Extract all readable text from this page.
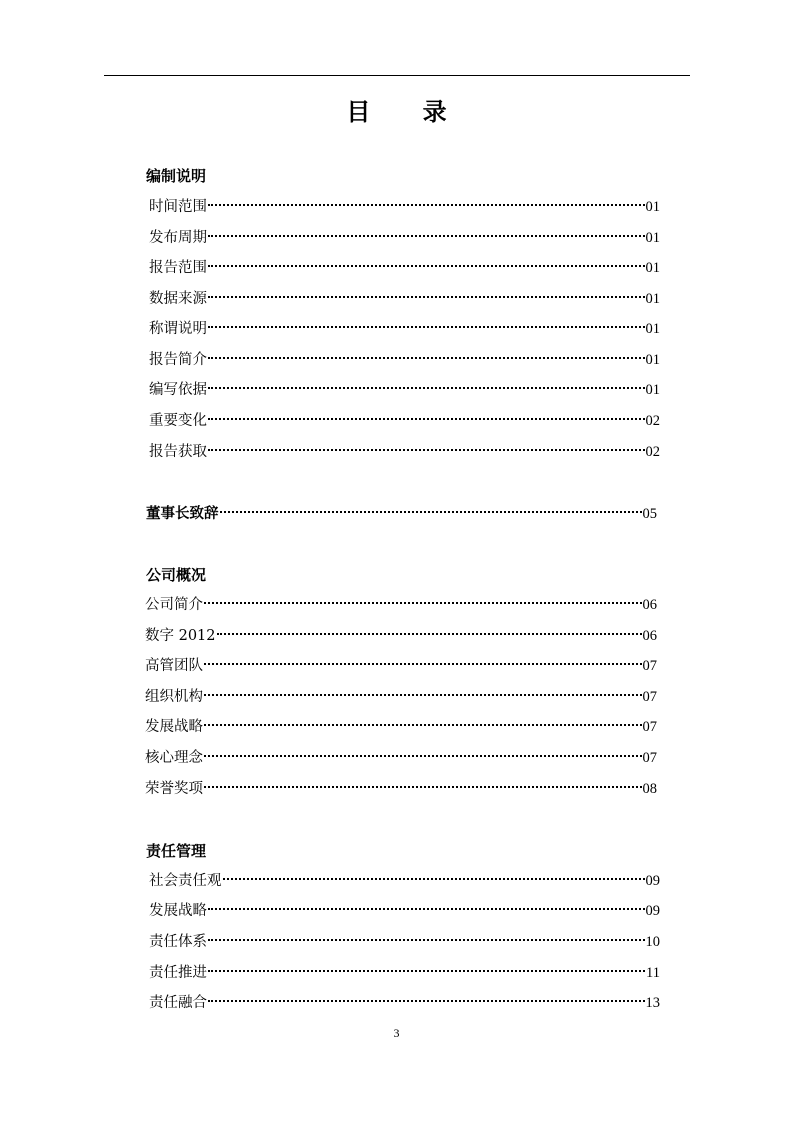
目 录
编制说明
时间范围	01
发布周期	01
报告范围	01
数据来源	01
称谓说明	01
报告简介	01
编写依据	01
重要变化	02
报告获取	02
董事长致辞	05
公司概况
公司简介	06
数字 2012	06
高管团队	07
组织机构	07
发展战略	07
核心理念	07
荣誉奖项	08
责任管理
社会责任观	09
发展战略	09
责任体系	10
责任推进	11
责任融合	13
3
